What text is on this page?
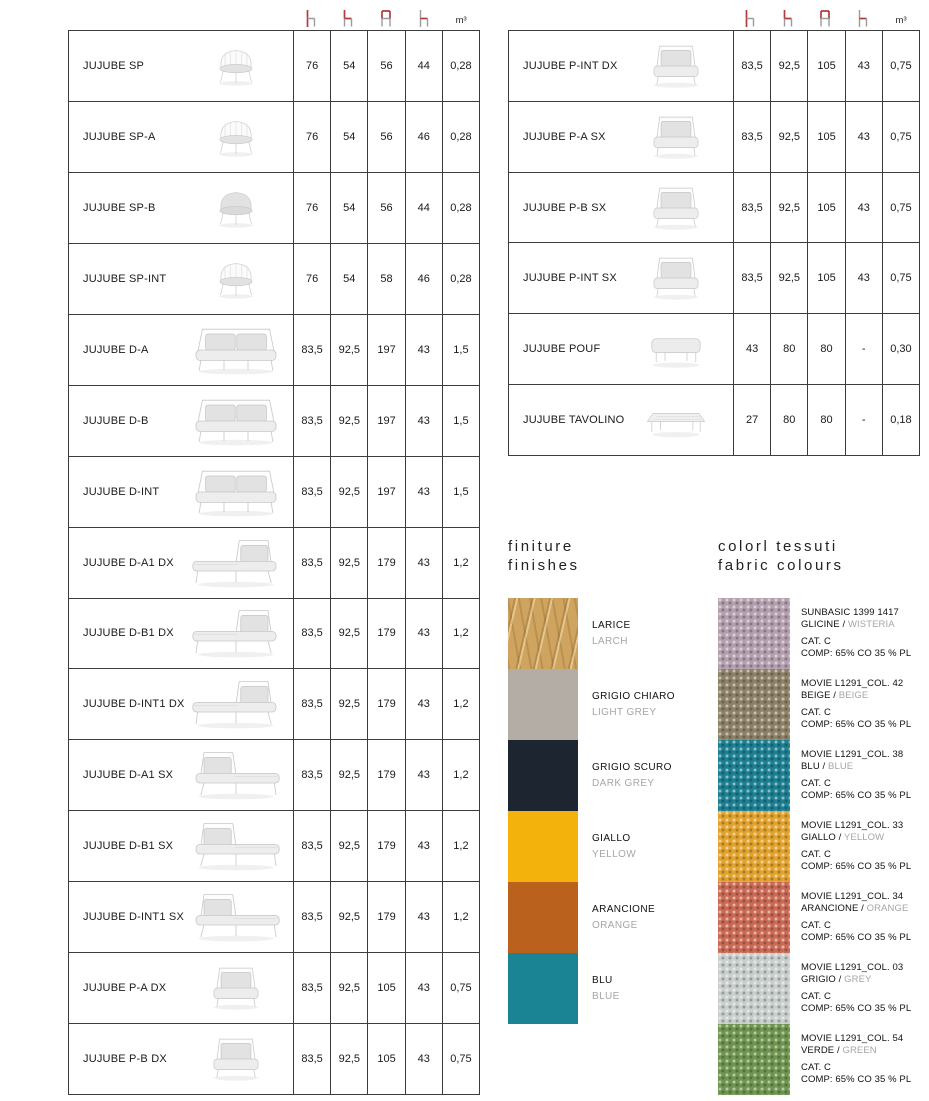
m³	m³
JUJUBE SP	76	54	56	44	0,28
JUJUBE SP-A	76	54	56	46	0,28
JUJUBE SP-B	76	54	56	44	0,28
JUJUBE SP-INT	76	54	58	46	0,28
JUJUBE D-A	83,5	92,5	197	43	1,5
JUJUBE D-B	83,5	92,5	197	43	1,5
JUJUBE D-INT	83,5	92,5	197	43	1,5
JUJUBE D-A1 DX	83,5	92,5	179	43	1,2
JUJUBE D-B1 DX	83,5	92,5	179	43	1,2
JUJUBE D-INT1 DX	83,5	92,5	179	43	1,2
JUJUBE D-A1 SX	83,5	92,5	179	43	1,2
JUJUBE D-B1 SX	83,5	92,5	179	43	1,2
JUJUBE D-INT1 SX	83,5	92,5	179	43	1,2
JUJUBE P-A DX	83,5	92,5	105	43	0,75
JUJUBE P-B DX	83,5	92,5	105	43	0,75
JUJUBE P-INT DX	83,5	92,5	105	43	0,75
JUJUBE P-A SX	83,5	92,5	105	43	0,75
JUJUBE P-B SX	83,5	92,5	105	43	0,75
JUJUBE P-INT SX	83,5	92,5	105	43	0,75
JUJUBE POUF	43	80	80	-	0,30
JUJUBE TAVOLINO	27	80	80	-	0,18
finiture
finishes
colorl tessuti
fabric colours
LARICE
LARCH
GRIGIO CHIARO
LIGHT GREY
GRIGIO SCURO
DARK GREY
GIALLO
YELLOW
ARANCIONE
ORANGE
BLU
BLUE
SUNBASIC 1399 1417
GLICINE / WISTERIA
CAT. C
COMP: 65% CO 35 % PL
MOVIE L1291_COL. 42
BEIGE / BEIGE
CAT. C
COMP: 65% CO 35 % PL
MOVIE L1291_COL. 38
BLU / BLUE
CAT. C
COMP: 65% CO 35 % PL
MOVIE L1291_COL. 33
GIALLO / YELLOW
CAT. C
COMP: 65% CO 35 % PL
MOVIE L1291_COL. 34
ARANCIONE / ORANGE
CAT. C
COMP: 65% CO 35 % PL
MOVIE L1291_COL. 03
GRIGIO / GREY
CAT. C
COMP: 65% CO 35 % PL
MOVIE L1291_COL. 54
VERDE / GREEN
CAT. C
COMP: 65% CO 35 % PL
